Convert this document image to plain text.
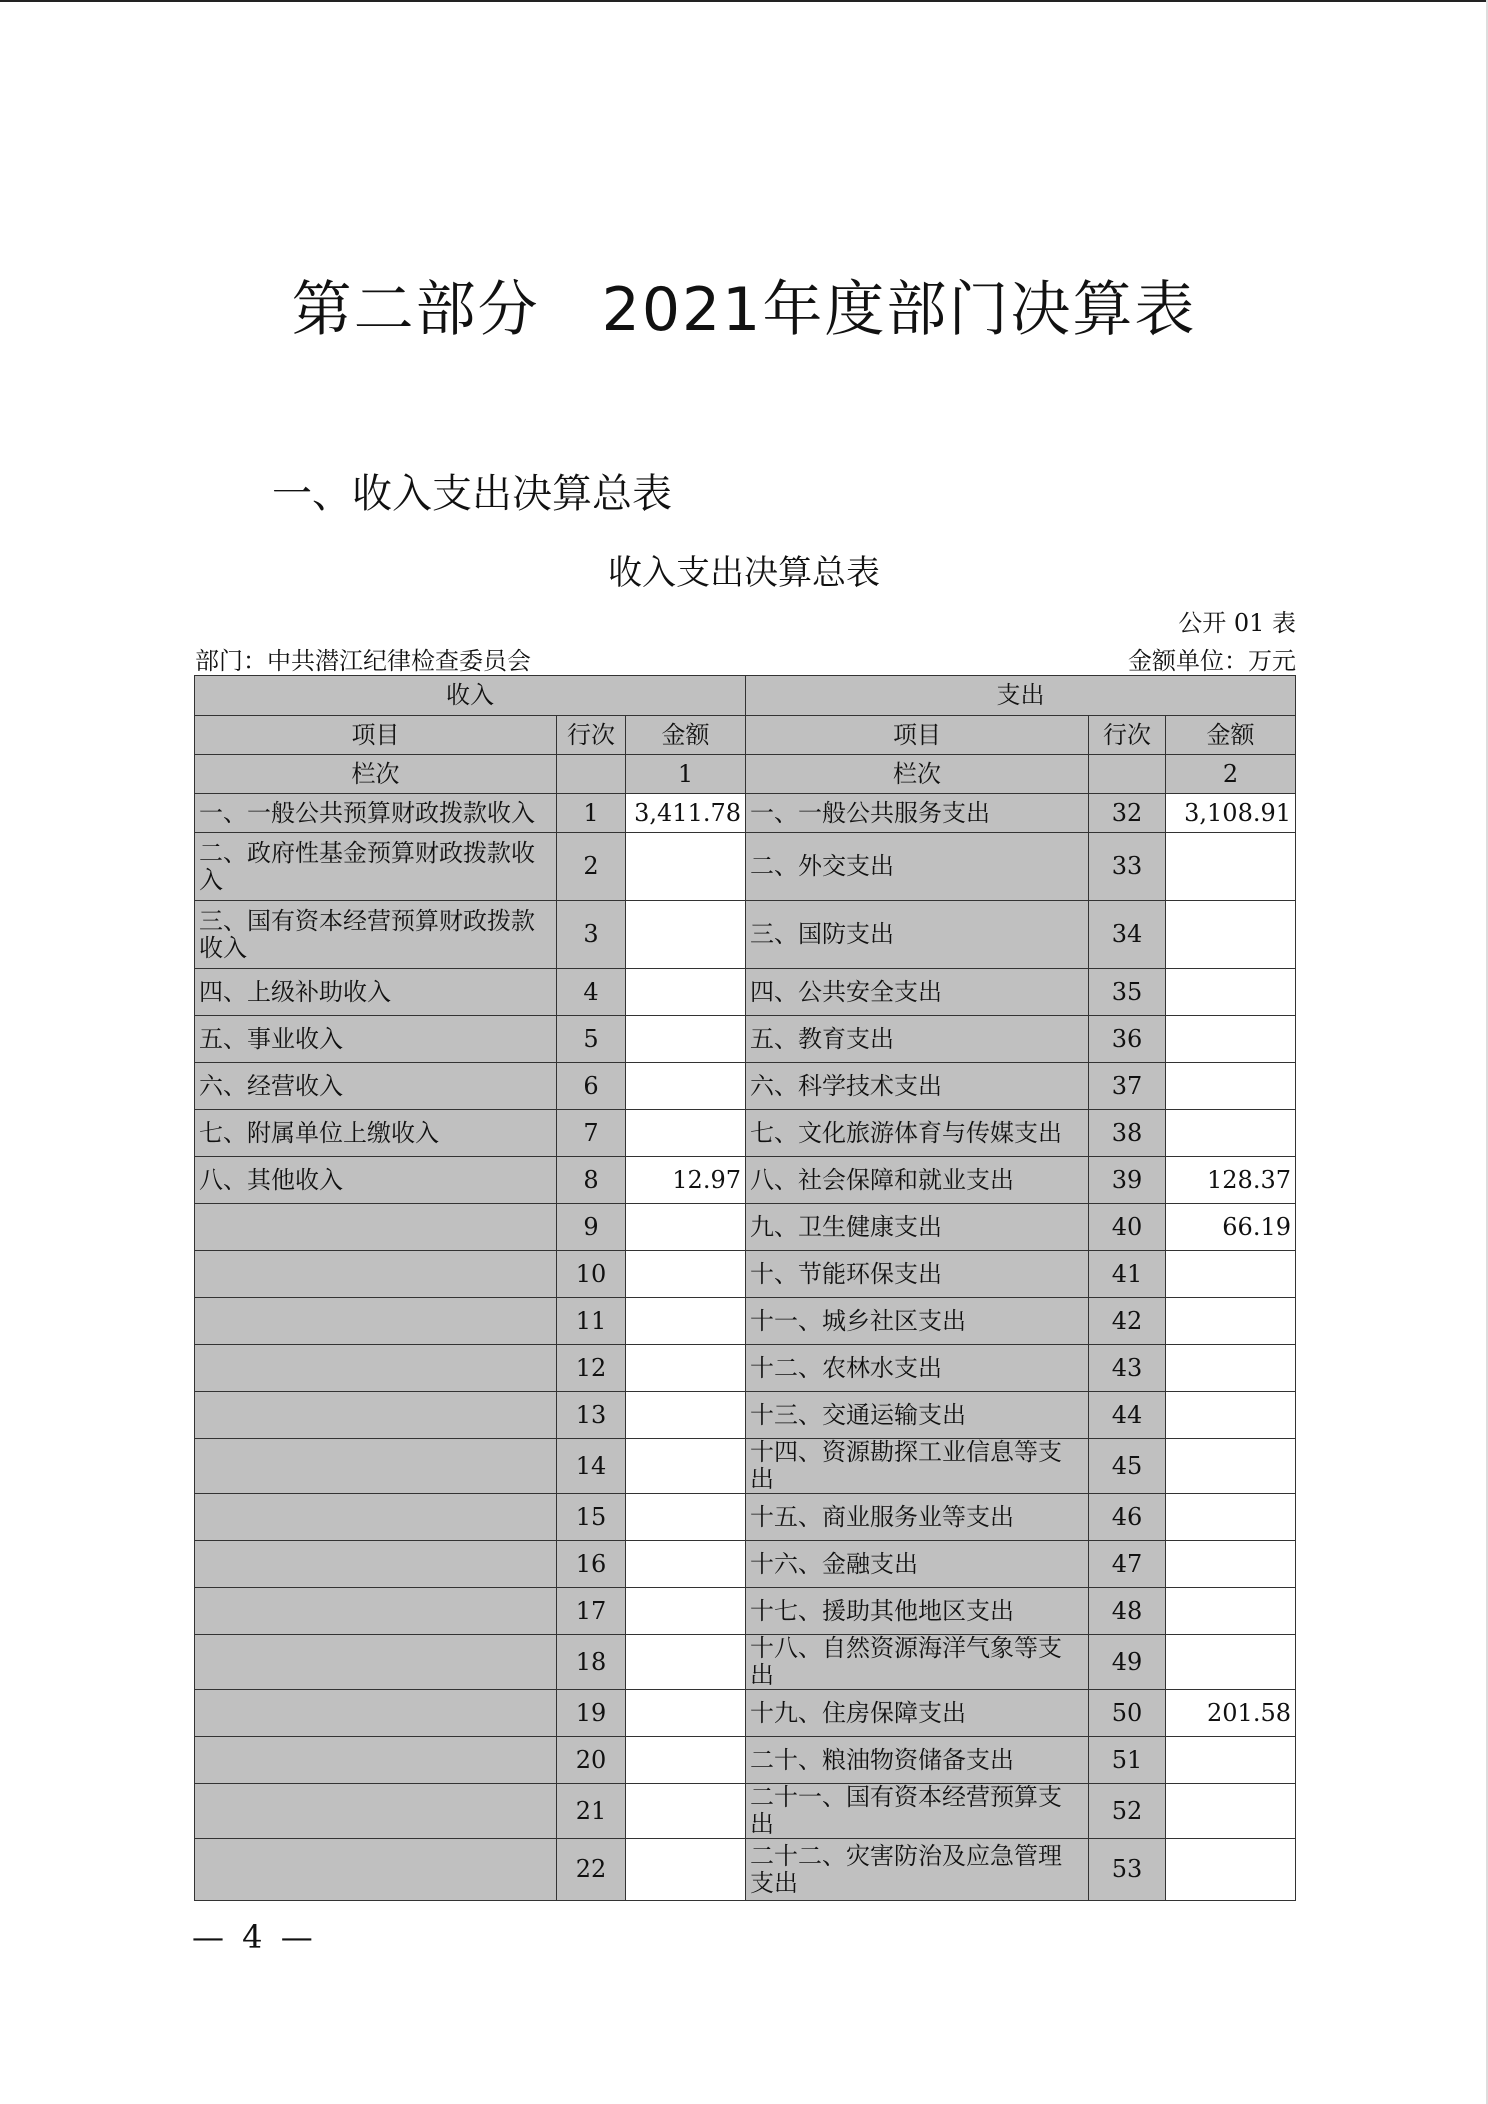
第二部分　2021年度部门决算表
一、收入支出决算总表
收入支出决算总表
公开 01 表
部门：中共潜江纪律检查委员会	金额单位：万元
收入			支出		
项目	行次	金额	项目	行次	金额
栏次		1	栏次		2
一、一般公共预算财政拨款收入	1	3,411.78	一、一般公共服务支出	32	3,108.91
二、政府性基金预算财政拨款收入	2		二、外交支出	33	
三、国有资本经营预算财政拨款收入	3		三、国防支出	34	
四、上级补助收入	4		四、公共安全支出	35	
五、事业收入	5		五、教育支出	36	
六、经营收入	6		六、科学技术支出	37	
七、附属单位上缴收入	7		七、文化旅游体育与传媒支出	38	
八、其他收入	8	12.97	八、社会保障和就业支出	39	128.37
	9		九、卫生健康支出	40	66.19
	10		十、节能环保支出	41	
	11		十一、城乡社区支出	42	
	12		十二、农林水支出	43	
	13		十三、交通运输支出	44	
	14		十四、资源勘探工业信息等支出	45	
	15		十五、商业服务业等支出	46	
	16		十六、金融支出	47	
	17		十七、援助其他地区支出	48	
	18		十八、自然资源海洋气象等支出	49	
	19		十九、住房保障支出	50	201.58
	20		二十、粮油物资储备支出	51	
	21		二十一、国有资本经营预算支出	52	
	22		二十二、灾害防治及应急管理支出	53	
— 4 —
